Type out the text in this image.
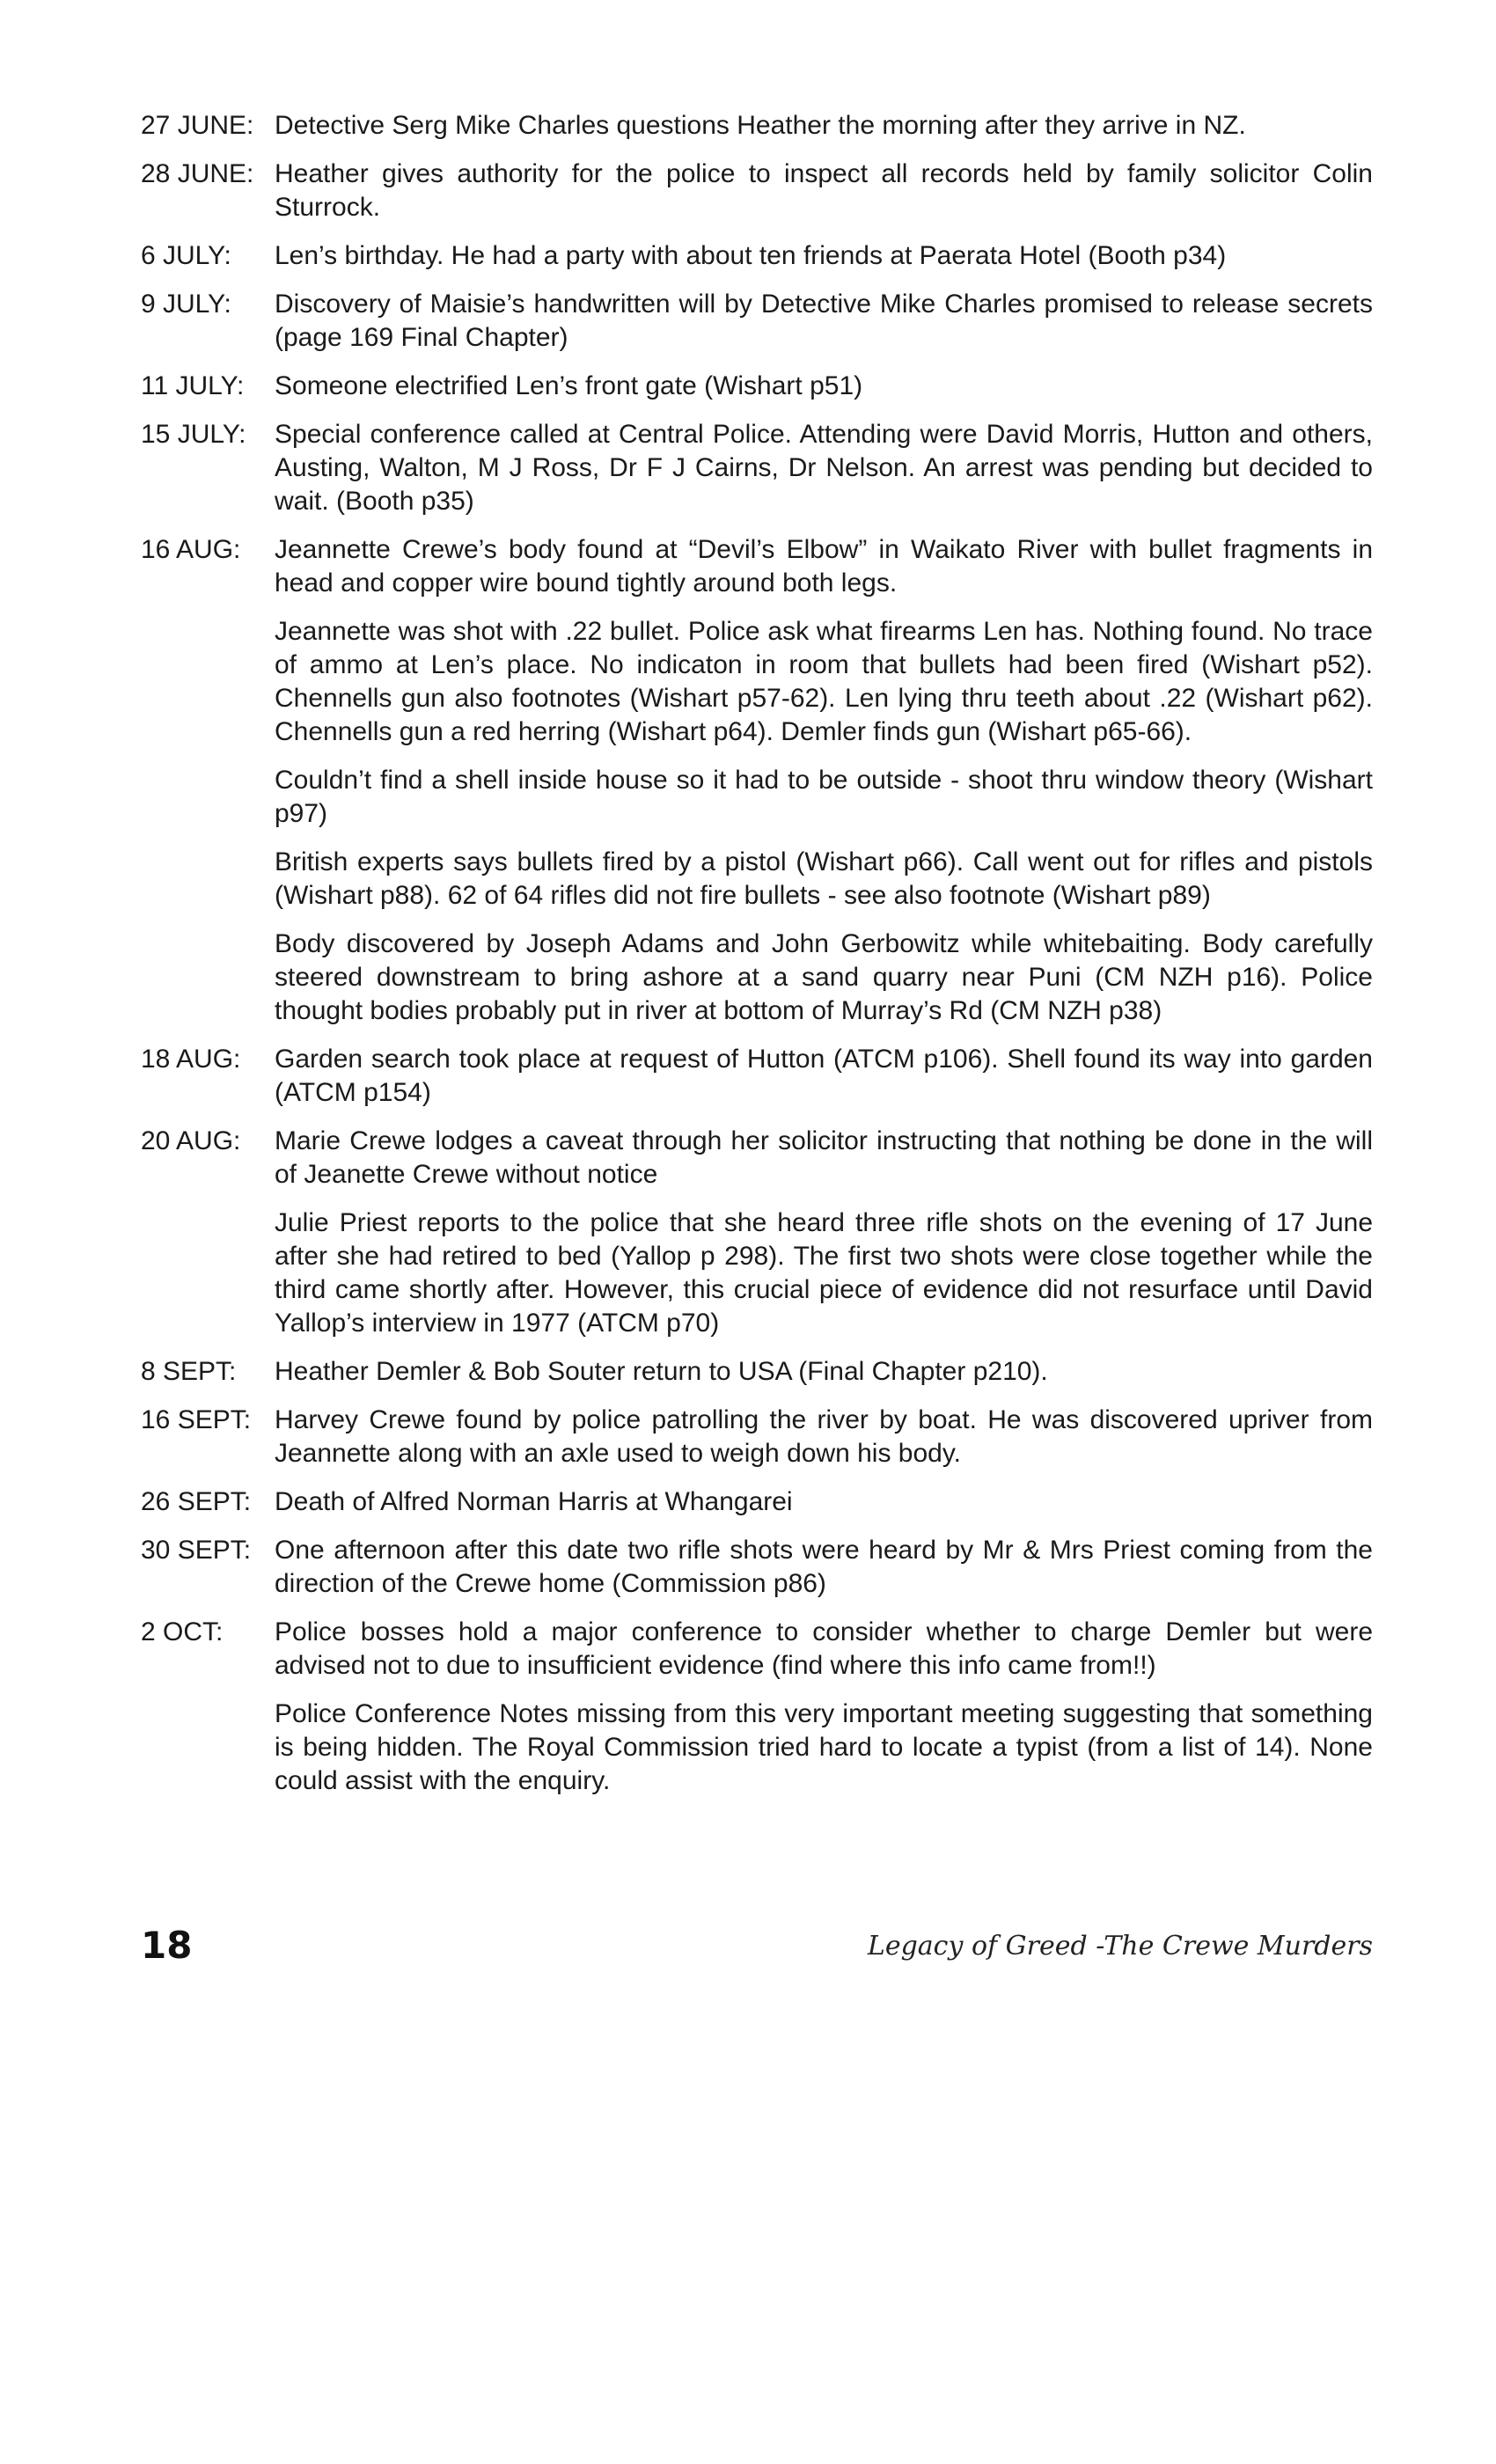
27 JUNE: Detective Serg Mike Charles questions Heather the morning after they arrive in NZ.

28 JUNE: Heather gives authority for the police to inspect all records held by family solicitor Colin Sturrock.

6 JULY:	Len’s birthday. He had a party with about ten friends at Paerata Hotel (Booth p34)

9 JULY:	Discovery of Maisie’s handwritten will by Detective Mike Charles promised to release secrets (page 169 Final Chapter)

11 JULY:	Someone electrified Len’s front gate (Wishart p51)

15 JULY:	Special conference called at Central Police. Attending were David Morris, Hutton and others, Austing, Walton, M J Ross, Dr F J Cairns, Dr Nelson. An arrest was pending but decided to wait. (Booth p35)

16 AUG:	Jeannette Crewe’s body found at “Devil’s Elbow” in Waikato River with bullet fragments in head and copper wire bound tightly around both legs.

Jeannette was shot with .22 bullet. Police ask what firearms Len has. Nothing found. No trace of ammo at Len’s place. No indicaton in room that bullets had been fired (Wishart p52). Chennells gun also footnotes (Wishart p57-62). Len lying thru teeth about .22 (Wishart p62). Chennells gun a red herring (Wishart p64). Demler finds gun (Wishart p65-66).

Couldn’t find a shell inside house so it had to be outside - shoot thru window theory (Wishart p97)

British experts says bullets fired by a pistol (Wishart p66). Call went out for rifles and pistols (Wishart p88). 62 of 64 rifles did not fire bullets - see also footnote (Wishart p89)

Body discovered by Joseph Adams and John Gerbowitz while whitebaiting. Body carefully steered downstream to bring ashore at a sand quarry near Puni (CM NZH p16). Police thought bodies probably put in river at bottom of Murray’s Rd (CM NZH p38)

18 AUG:	Garden search took place at request of Hutton (ATCM p106). Shell found its way into garden (ATCM p154)

20 AUG:	Marie Crewe lodges a caveat through her solicitor instructing that nothing be done in the will of Jeanette Crewe without notice

Julie Priest reports to the police that she heard three rifle shots on the evening of 17 June after she had retired to bed (Yallop p 298). The first two shots were close together while the third came shortly after. However, this crucial piece of evidence did not resurface until David Yallop’s interview in 1977 (ATCM p70)

8 SEPT:	Heather Demler & Bob Souter return to USA (Final Chapter p210).

16 SEPT: Harvey Crewe found by police patrolling the river by boat. He was discovered upriver from Jeannette along with an axle used to weigh down his body.

26 SEPT: Death of Alfred Norman Harris at Whangarei

30 SEPT: One afternoon after this date two rifle shots were heard by Mr & Mrs Priest coming from the direction of the Crewe home (Commission p86)

2 OCT:	Police bosses hold a major conference to consider whether to charge Demler but were advised not to due to insufficient evidence (find where this info came from!!)

Police Conference Notes missing from this very important meeting suggesting that something is being hidden. The Royal Commission tried hard to locate a typist (from a list of 14). None could assist with the enquiry.

18	Legacy of Greed -The Crewe Murders
